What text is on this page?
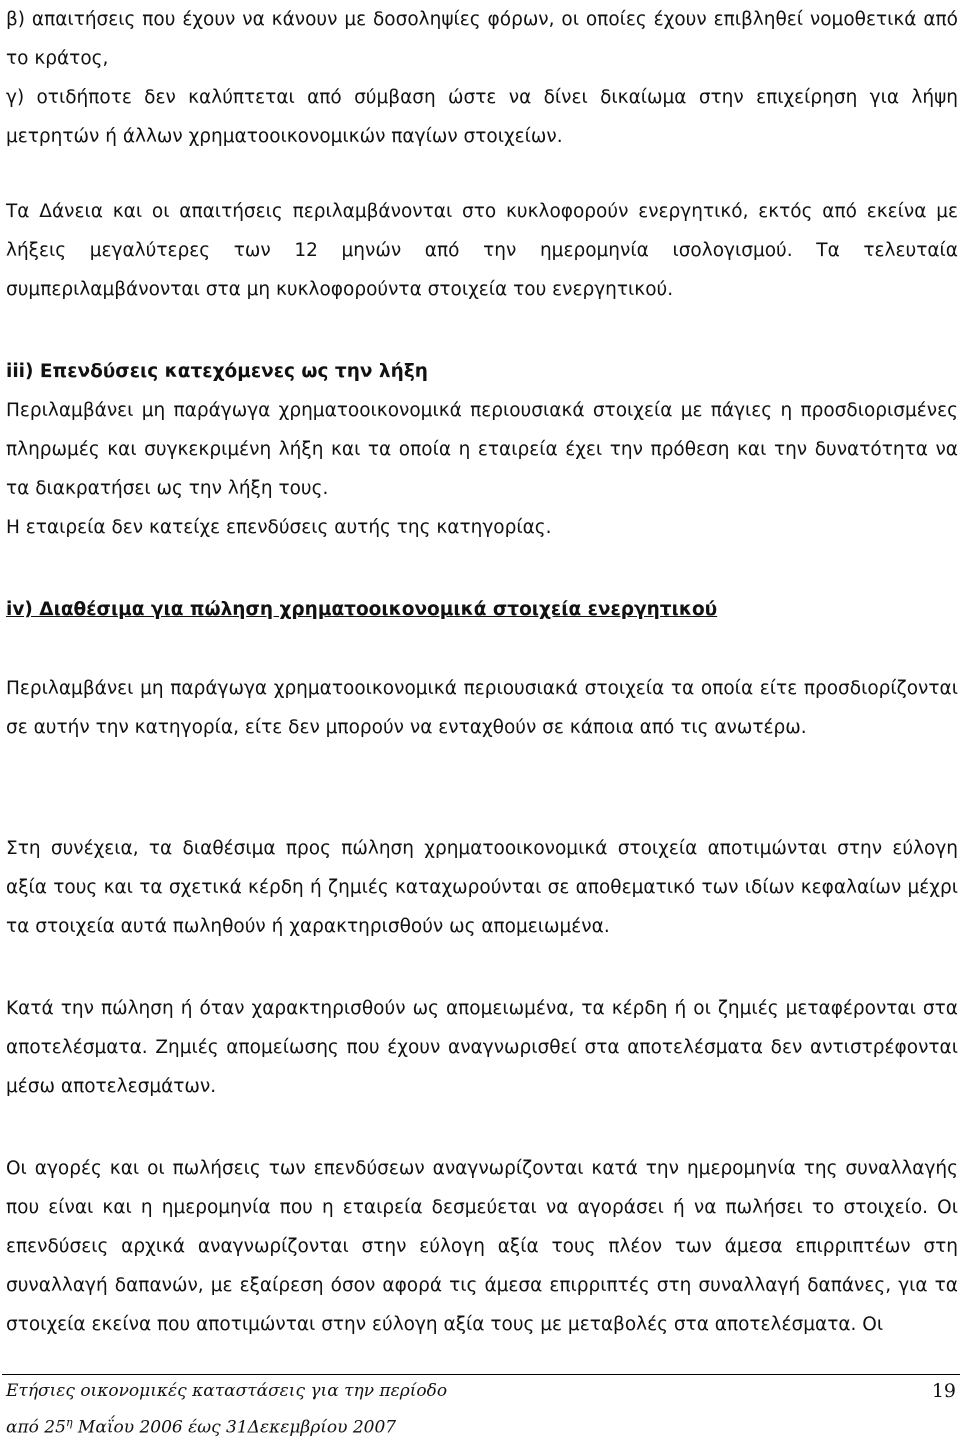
β) απαιτήσεις που έχουν να κάνουν με δοσοληψίες φόρων, οι οποίες έχουν επιβληθεί νομοθετικά από το κράτος,

γ) οτιδήποτε δεν καλύπτεται από σύμβαση ώστε να δίνει δικαίωμα στην επιχείρηση για λήψη μετρητών ή άλλων χρηματοοικονομικών παγίων στοιχείων.

Τα Δάνεια και οι απαιτήσεις περιλαμβάνονται στο κυκλοφορούν ενεργητικό, εκτός από εκείνα με λήξεις μεγαλύτερες των 12 μηνών από την ημερομηνία ισολογισμού. Τα τελευταία συμπεριλαμβάνονται στα μη κυκλοφορούντα στοιχεία του ενεργητικού.

iii) Επενδύσεις κατεχόμενες ως την λήξη

Περιλαμβάνει μη παράγωγα χρηματοοικονομικά περιουσιακά στοιχεία με πάγιες η προσδιορισμένες πληρωμές και συγκεκριμένη λήξη και τα οποία η εταιρεία έχει την πρόθεση και την δυνατότητα να τα διακρατήσει ως την λήξη τους.

Η εταιρεία δεν κατείχε επενδύσεις αυτής της κατηγορίας.

iv) Διαθέσιμα για πώληση χρηματοοικονομικά στοιχεία ενεργητικού

Περιλαμβάνει μη παράγωγα χρηματοοικονομικά περιουσιακά στοιχεία τα οποία είτε προσδιορίζονται σε αυτήν την κατηγορία, είτε δεν μπορούν να ενταχθούν σε κάποια από τις ανωτέρω.

Στη συνέχεια, τα διαθέσιμα προς πώληση χρηματοοικονομικά στοιχεία αποτιμώνται στην εύλογη αξία τους και τα σχετικά κέρδη ή ζημιές καταχωρούνται σε αποθεματικό των ιδίων κεφαλαίων μέχρι τα στοιχεία αυτά πωληθούν ή χαρακτηρισθούν ως απομειωμένα.

Κατά την πώληση ή όταν χαρακτηρισθούν ως απομειωμένα, τα κέρδη ή οι ζημιές μεταφέρονται στα αποτελέσματα. Ζημιές απομείωσης που έχουν αναγνωρισθεί στα αποτελέσματα δεν αντιστρέφονται μέσω αποτελεσμάτων.

Οι αγορές και οι πωλήσεις των επενδύσεων αναγνωρίζονται κατά την ημερομηνία της συναλλαγής που είναι και η ημερομηνία που η εταιρεία δεσμεύεται να αγοράσει ή να πωλήσει το στοιχείο. Οι επενδύσεις αρχικά αναγνωρίζονται στην εύλογη αξία τους πλέον των άμεσα επιρριπτέων στη συναλλαγή δαπανών, με εξαίρεση όσον αφορά τις άμεσα επιρριπτές στη συναλλαγή δαπάνες, για τα στοιχεία εκείνα που αποτιμώνται στην εύλογη αξία τους με μεταβολές στα αποτελέσματα. Οι

Ετήσιες οικονομικές καταστάσεις για την περίοδο
από $25^\eta$ Μαΐου 2006 έως 31Δεκεμβρίου 2007
19
